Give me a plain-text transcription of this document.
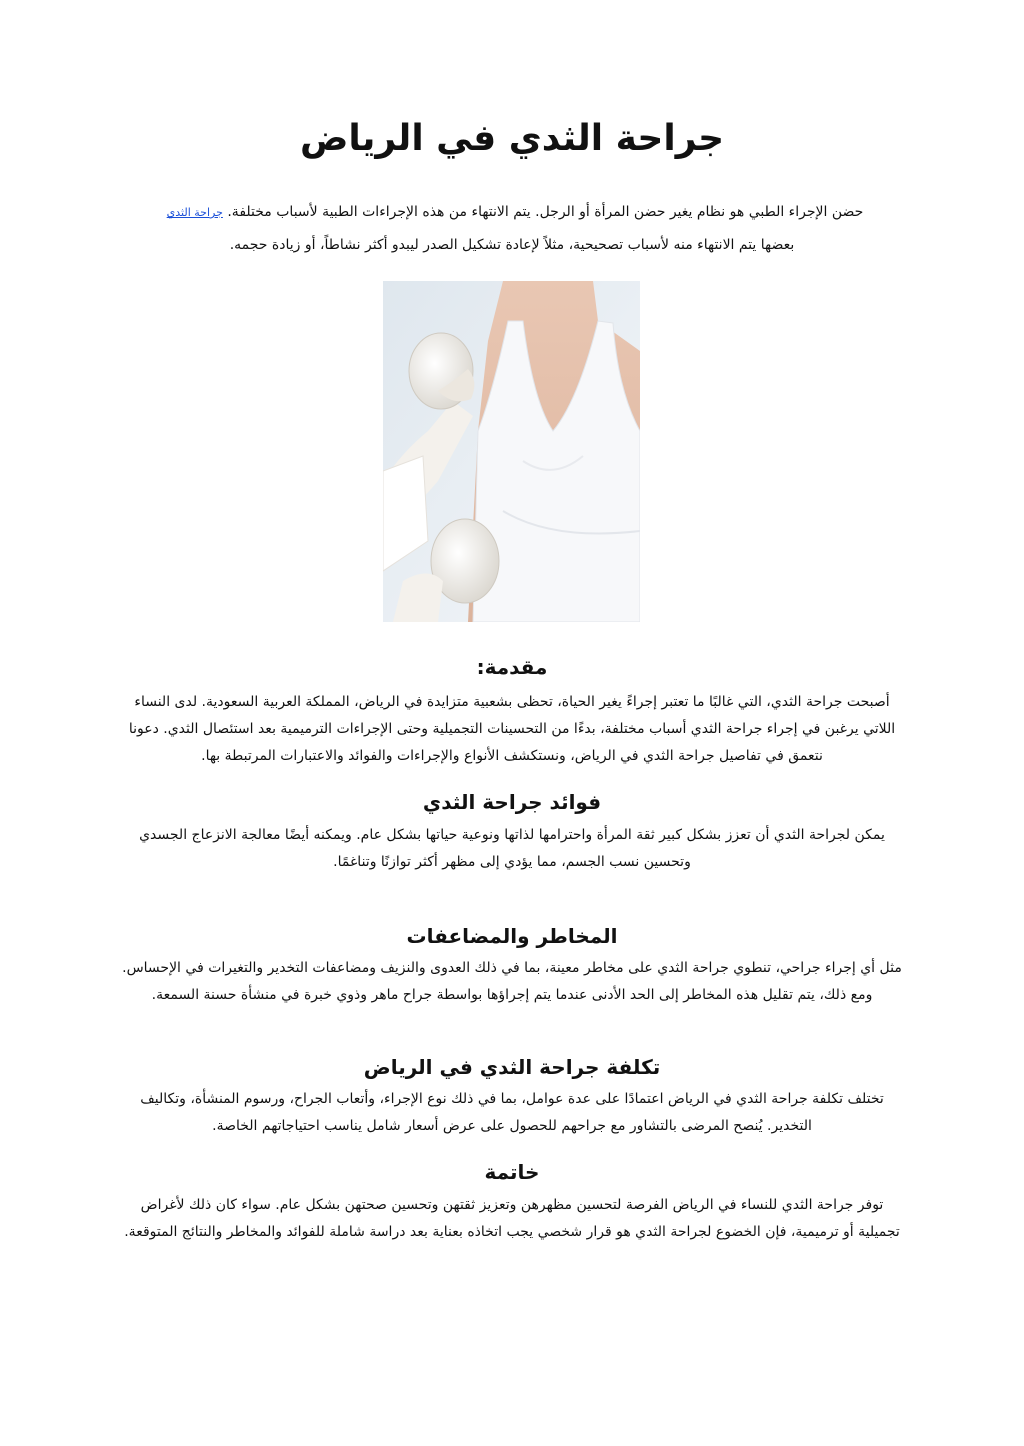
جراحة الثدي في الرياض
حضن الإجراء الطبي هو نظام يغير حضن المرأة أو الرجل. يتم الانتهاء من هذه الإجراءات الطبية لأسباب مختلفة. جراحة الثدي
بعضها يتم الانتهاء منه لأسباب تصحيحية، مثلاً لإعادة تشكيل الصدر ليبدو أكثر نشاطاً، أو زيادة حجمه.
مقدمة:

أصبحت جراحة الثدي، التي غالبًا ما تعتبر إجراءً يغير الحياة، تحظى بشعبية متزايدة في الرياض، المملكة العربية السعودية. لدى النساء اللاتي يرغبن في إجراء جراحة الثدي أسباب مختلفة، بدءًا من التحسينات التجميلية وحتى الإجراءات الترميمية بعد استئصال الثدي. دعونا نتعمق في تفاصيل جراحة الثدي في الرياض، ونستكشف الأنواع والإجراءات والفوائد والاعتبارات المرتبطة بها.

فوائد جراحة الثدي

يمكن لجراحة الثدي أن تعزز بشكل كبير ثقة المرأة واحترامها لذاتها ونوعية حياتها بشكل عام. ويمكنه أيضًا معالجة الانزعاج الجسدي وتحسين نسب الجسم، مما يؤدي إلى مظهر أكثر توازنًا وتناغمًا.

المخاطر والمضاعفات

مثل أي إجراء جراحي، تنطوي جراحة الثدي على مخاطر معينة، بما في ذلك العدوى والنزيف ومضاعفات التخدير والتغيرات في الإحساس. ومع ذلك، يتم تقليل هذه المخاطر إلى الحد الأدنى عندما يتم إجراؤها بواسطة جراح ماهر وذوي خبرة في منشأة حسنة السمعة.

تكلفة جراحة الثدي في الرياض

تختلف تكلفة جراحة الثدي في الرياض اعتمادًا على عدة عوامل، بما في ذلك نوع الإجراء، وأتعاب الجراح، ورسوم المنشأة، وتكاليف التخدير. يُنصح المرضى بالتشاور مع جراحهم للحصول على عرض أسعار شامل يناسب احتياجاتهم الخاصة.

خاتمة

توفر جراحة الثدي للنساء في الرياض الفرصة لتحسين مظهرهن وتعزيز ثقتهن وتحسين صحتهن بشكل عام. سواء كان ذلك لأغراض تجميلية أو ترميمية، فإن الخضوع لجراحة الثدي هو قرار شخصي يجب اتخاذه بعناية بعد دراسة شاملة للفوائد والمخاطر والنتائج المتوقعة.
